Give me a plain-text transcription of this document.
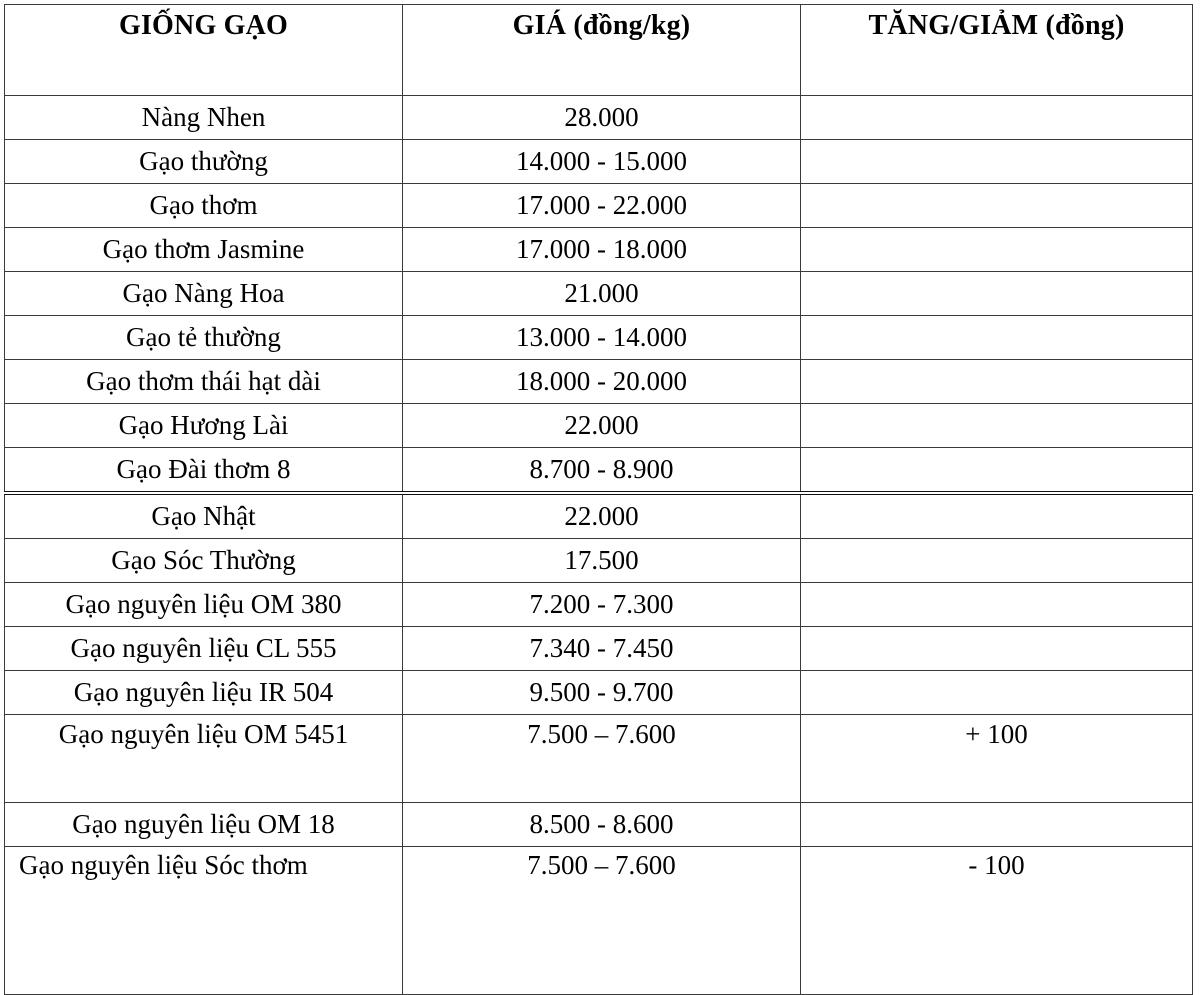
GIỐNG GẠO	GIÁ (đồng/kg)	TĂNG/GIẢM (đồng)

Nàng Nhen	28.000	

Gạo thường	14.000 - 15.000	

Gạo thơm	17.000 - 22.000	

Gạo thơm Jasmine	17.000 - 18.000	

Gạo Nàng Hoa	21.000	

Gạo tẻ thường	13.000 - 14.000	

Gạo thơm thái hạt dài	18.000 - 20.000	

Gạo Hương Lài	22.000	

Gạo Đài thơm 8	8.700 - 8.900	

Gạo Nhật	22.000	

Gạo Sóc Thường	17.500	

Gạo nguyên liệu OM 380	7.200 - 7.300	

Gạo nguyên liệu CL 555	7.340 - 7.450	

Gạo nguyên liệu IR 504	9.500 - 9.700	

Gạo nguyên liệu OM 5451	7.500 – 7.600	+ 100

Gạo nguyên liệu OM 18	8.500 - 8.600	

Gạo nguyên liệu Sóc thơm	7.500 – 7.600	- 100
